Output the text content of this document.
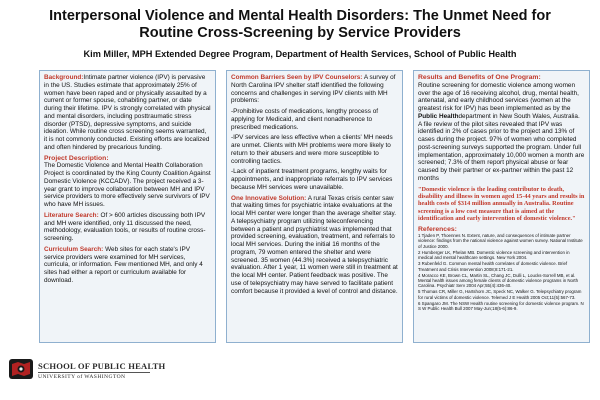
Interpersonal Violence and Mental Health Disorders: The Unmet Need for
Routine Cross-Screening by Service Providers
Kim Miller, MPH Extended Degree Program, Department of Health Services, School of Public Health

Background:Intimate partner violence (IPV) is pervasive in the US. Studies estimate that approximately 25% of women have been raped and or physically assaulted by a current or former spouse, cohabiting partner, or date during their lifetime. IPV is strongly correlated with physical and mental disorders, including posttraumatic stress disorder (PTSD), depressive symptoms, and suicide ideation. While routine cross screening seems warranted, it is not commonly conducted. Existing efforts are localized and often hindered by precarious funding.

Project Description:

The Domestic Violence and Mental Health Collaboration Project is coordinated by the King County Coalition Against Domestic Violence (KCCADV). The project received a 3-year grant to improve collaboration between MH and IPV service providers to more effectively serve survivors of IPV who have MH issues.

Literature Search: Of > 600 articles discussing both IPV and MH were identified, only 11 discussed the need, methodology, evaluation tools, or results of routine cross-screening.

Curriculum Search: Web sites for each state's IPV service providers were examined for MH services, curricula, or information. Few mentioned MH, and only 4 sites had either a report or curriculum available for download.

Common Barriers Seen by IPV Counselors: A survey of North Carolina IPV shelter staff identified the following concerns and challenges in serving IPV clients with MH problems:

-Prohibitive costs of medications, lengthy process of applying for Medicaid, and client nonadherence to prescribed medications.

-IPV services are less effective when a clients' MH needs are unmet. Clients with MH problems were more likely to return to their abusers and were more susceptible to controlling tactics.

-Lack of inpatient treatment programs, lengthy waits for appointments, and inappropriate referrals to IPV services because MH services were unavailable.

One Innovative Solution: A rural Texas crisis center saw that waiting times for psychiatric intake evaluations at the local MH center were longer than the average shelter stay. A telepsychiatry program utilizing teleconferencing between a patient and psychiatrist was implemented that provided screening, evaluation, treatment, and referrals to local MH services. During the initial 16 months of the program, 79 women entered the shelter and were screened. 35 women (44.3%) received a telepsychiatric evaluation. After 1 year, 11 women were still in treatment at the local MH center. Patient feedback was positive. The use of telepsychiatry may have served to facilitate patient comfort because it provided a level of control and distance.

Results and Benefits of One Program:

Routine screening for domestic violence among women over the age of 16 receiving alcohol, drug, mental health, antenatal, and early childhood services (women at the greatest risk for IPV) has been implemented as by the Public Healthdepartment in New South Wales, Australia. A file review of the pilot sites revealed that IPV was identified in 2% of cases prior to the project and 13% of cases during the project. 97% of women who completed post-screening surveys supported the program. Under full implementation, approximately 10,000 women a month are screened; 7.3% of them report physical abuse or fear caused by their partner or ex-partner within the past 12 months

"Domestic violence is the leading contributor to death, disability and illness in women aged 15-44 years and results in health costs of $314 million annually in Australia. Routine screening is a low cost measure that is aimed at the identification and early intervention of domestic violence."

References:
1 Tjaden P, Thoennes N. Extent, nature, and consequences of intimate partner violence: findings from the national violence against women survey. National Institute of Justice 2000.
2 Humberger LK, Phelan MB. Domestic violence screening and intervention in medical and mental healthcare settings. New York 2004.
3 Rubenfeld G. Common mental health correlates of domestic violence. Brief Treatment and Crisis Intervention 2008;8:171-21.
4 Moracco KE, Brown CL, Martin SL, Chang JC, Dulli L, Loucks-Sorrell MB, et al. Mental health issues among female clients of domestic violence programs in North Carolina. Psychiatr Serv 2004 Apr;55(4):436-40.
5 Thomas CR, Miller G, Hartshorn JC, Speck NC, Walker G. Telepsychiatry program for rural victims of domestic violence. Telemed J E Health 2005 Oct;11(5):567-73.
6 Spangaro JM. The NSW Health routine screening for domestic violence program. N S W Public Health Bull 2007 May-Jun;18(5-6):86-9.
SCHOOL OF PUBLIC HEALTH
UNIVERSITY of WASHINGTON
